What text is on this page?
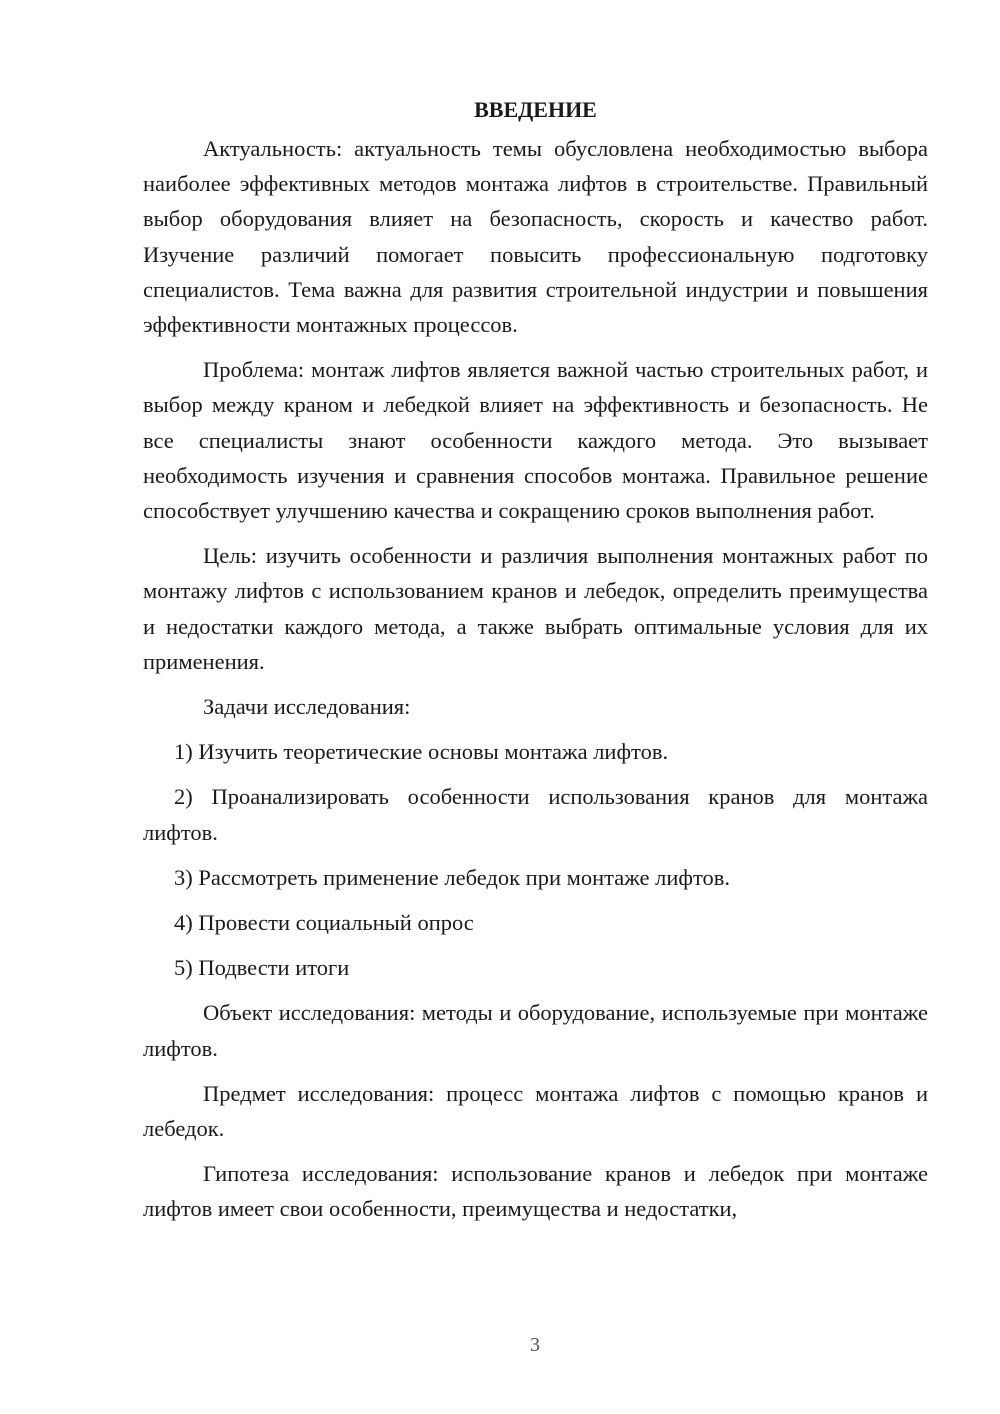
ВВЕДЕНИЕ

Актуальность: актуальность темы обусловлена необходимостью выбора наиболее эффективных методов монтажа лифтов в строительстве. Правильный выбор оборудования влияет на безопасность, скорость и качество работ. Изучение различий помогает повысить профессиональную подготовку специалистов. Тема важна для развития строительной индустрии и повышения эффективности монтажных процессов.

Проблема: монтаж лифтов является важной частью строительных работ, и выбор между краном и лебедкой влияет на эффективность и безопасность. Не все специалисты знают особенности каждого метода. Это вызывает необходимость изучения и сравнения способов монтажа. Правильное решение способствует улучшению качества и сокращению сроков выполнения работ.

Цель: изучить особенности и различия выполнения монтажных работ по монтажу лифтов с использованием кранов и лебедок, определить преимущества и недостатки каждого метода, а также выбрать оптимальные условия для их применения.

Задачи исследования:

1) Изучить теоретические основы монтажа лифтов.

2) Проанализировать особенности использования кранов для монтажа лифтов.

3) Рассмотреть применение лебедок при монтаже лифтов.

4) Провести социальный опрос

5) Подвести итоги

Объект исследования: методы и оборудование, используемые при монтаже лифтов.

Предмет исследования: процесс монтажа лифтов с помощью кранов и лебедок.

Гипотеза исследования: использование кранов и лебедок при монтаже лифтов имеет свои особенности, преимущества и недостатки,

3
